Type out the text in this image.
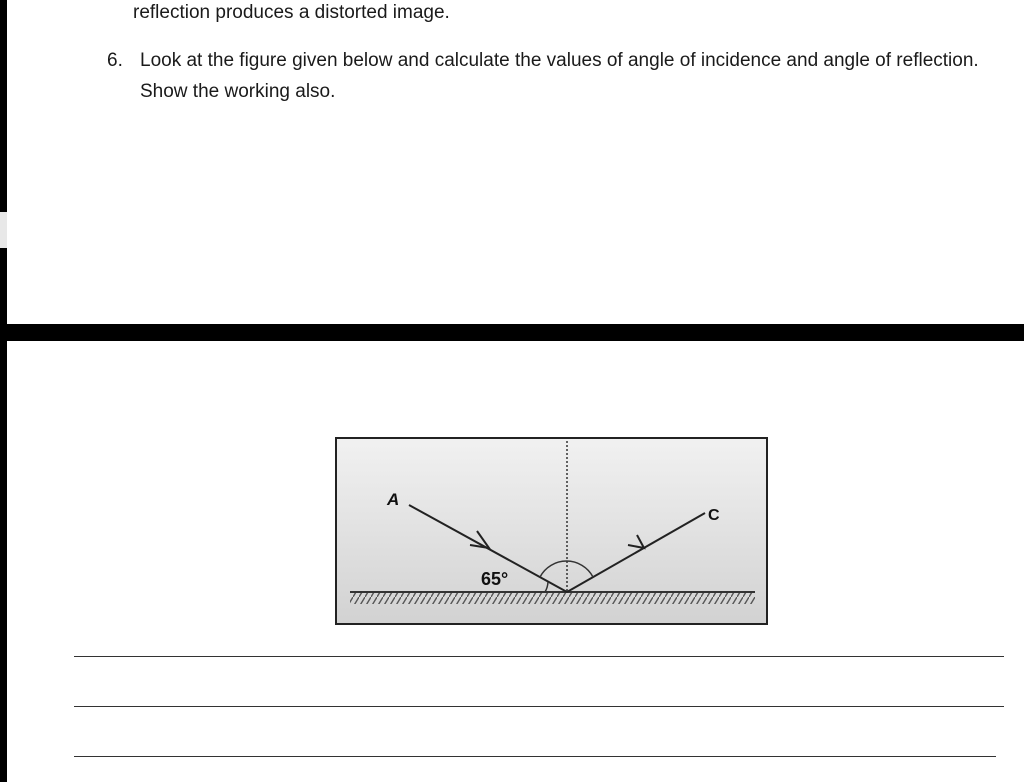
reflection produces a distorted image.
6. Look at the figure given below and calculate the values of angle of incidence and angle of reflection.
Show the working also.
A
C
65°
